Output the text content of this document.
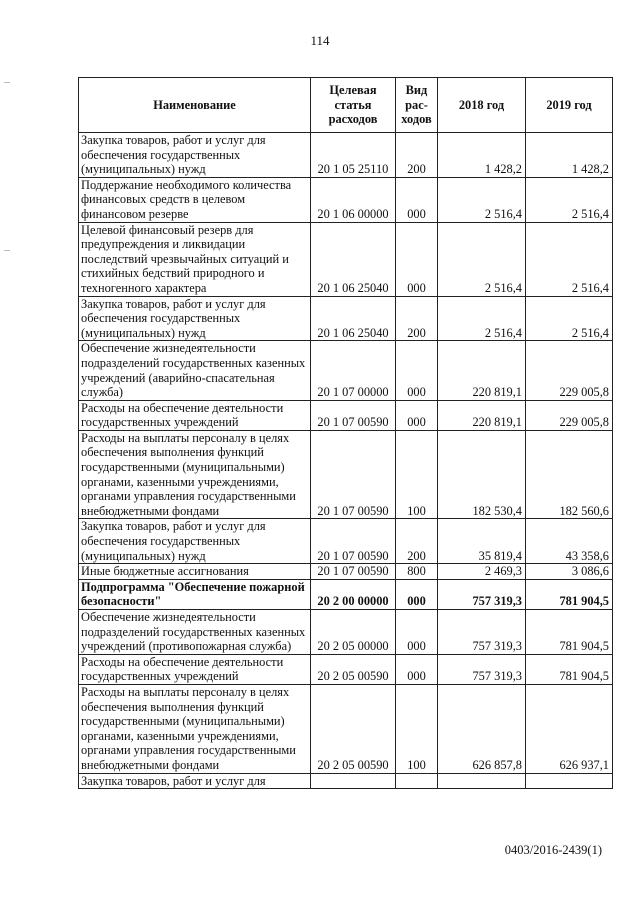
114
Наименование	Целевая статья расходов	Вид рас-ходов	2018 год	2019 год
Закупка товаров, работ и услуг для обеспечения государственных (муниципальных) нужд	20 1 05 25110	200	1 428,2	1 428,2
Поддержание необходимого количества финансовых средств в целевом финансовом резерве	20 1 06 00000	000	2 516,4	2 516,4
Целевой финансовый резерв для предупреждения и ликвидации последствий чрезвычайных ситуаций и стихийных бедствий природного и техногенного характера	20 1 06 25040	000	2 516,4	2 516,4
Закупка товаров, работ и услуг для обеспечения государственных (муниципальных) нужд	20 1 06 25040	200	2 516,4	2 516,4
Обеспечение жизнедеятельности подразделений государственных казенных учреждений (аварийно-спасательная служба)	20 1 07 00000	000	220 819,1	229 005,8
Расходы на обеспечение деятельности государственных учреждений	20 1 07 00590	000	220 819,1	229 005,8
Расходы на выплаты персоналу в целях обеспечения выполнения функций государственными (муниципальными) органами, казенными учреждениями, органами управления государственными внебюджетными фондами	20 1 07 00590	100	182 530,4	182 560,6
Закупка товаров, работ и услуг для обеспечения государственных (муниципальных) нужд	20 1 07 00590	200	35 819,4	43 358,6
Иные бюджетные ассигнования	20 1 07 00590	800	2 469,3	3 086,6
Подпрограмма "Обеспечение пожарной безопасности"	20 2 00 00000	000	757 319,3	781 904,5
Обеспечение жизнедеятельности подразделений государственных казенных учреждений (противопожарная служба)	20 2 05 00000	000	757 319,3	781 904,5
Расходы на обеспечение деятельности государственных учреждений	20 2 05 00590	000	757 319,3	781 904,5
Расходы на выплаты персоналу в целях обеспечения выполнения функций государственными (муниципальными) органами, казенными учреждениями, органами управления государственными внебюджетными фондами	20 2 05 00590	100	626 857,8	626 937,1
Закупка товаров, работ и услуг для				
0403/2016-2439(1)
